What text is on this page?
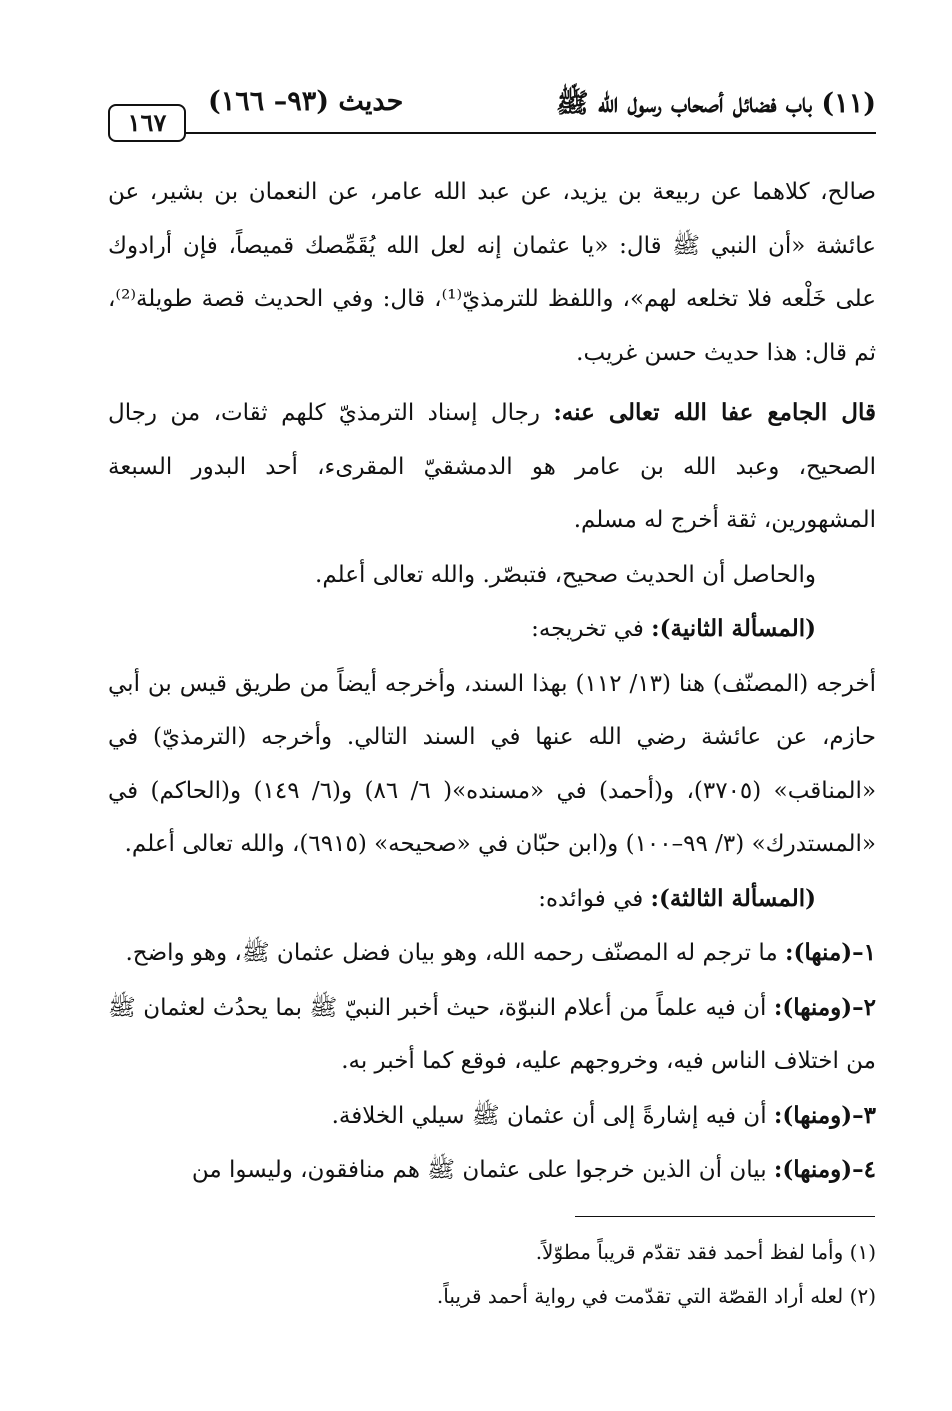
(١١) باب فضائل أصحاب رسول الله ﷺ
حديث (٩٣– ١٦٦)
١٦٧

صالح، كلاهما عن ربيعة بن يزيد، عن عبد الله عامر، عن النعمان بن بشير، عن عائشة «أن النبي ﷺ قال: «يا عثمان إنه لعل الله يُقَمِّصك قميصاً، فإن أرادوك على خَلْعه فلا تخلعه لهم»، واللفظ للترمذيّ⁽¹⁾، قال: وفي الحديث قصة طويلة⁽²⁾، ثم قال: هذا حديث حسن غريب.

قال الجامع عفا الله تعالى عنه: رجال إسناد الترمذيّ كلهم ثقات، من رجال الصحيح، وعبد الله بن عامر هو الدمشقيّ المقرىء، أحد البدور السبعة المشهورين، ثقة أخرج له مسلم.

والحاصل أن الحديث صحيح، فتبصّر. والله تعالى أعلم.

(المسألة الثانية): في تخريجه:

أخرجه (المصنّف) هنا (١٣/ ١١٢) بهذا السند، وأخرجه أيضاً من طريق قيس بن أبي حازم، عن عائشة رضي الله عنها في السند التالي. وأخرجه (الترمذيّ) في «المناقب» (٣٧٠٥)، و(أحمد) في «مسنده»( ٦/ ٨٦) و(٦/ ١٤٩) و(الحاكم) في «المستدرك» (٣/ ٩٩–١٠٠) و(ابن حبّان في «صحيحه» (٦٩١٥)، والله تعالى أعلم.

(المسألة الثالثة): في فوائده:

١–(منها): ما ترجم له المصنّف رحمه الله، وهو بيان فضل عثمان ﷺ، وهو واضح.

٢–(ومنها): أن فيه علماً من أعلام النبوّة، حيث أخبر النبيّ ﷺ بما يحدُث لعثمان ﷺ من اختلاف الناس فيه، وخروجهم عليه، فوقع كما أخبر به.

٣–(ومنها): أن فيه إشارةً إلى أن عثمان ﷺ سيلي الخلافة.

٤–(ومنها): بيان أن الذين خرجوا على عثمان ﷺ هم منافقون، وليسوا من

(١) وأما لفظ أحمد فقد تقدّم قريباً مطوّلاً.

(٢) لعله أراد القصّة التي تقدّمت في رواية أحمد قريباً.
